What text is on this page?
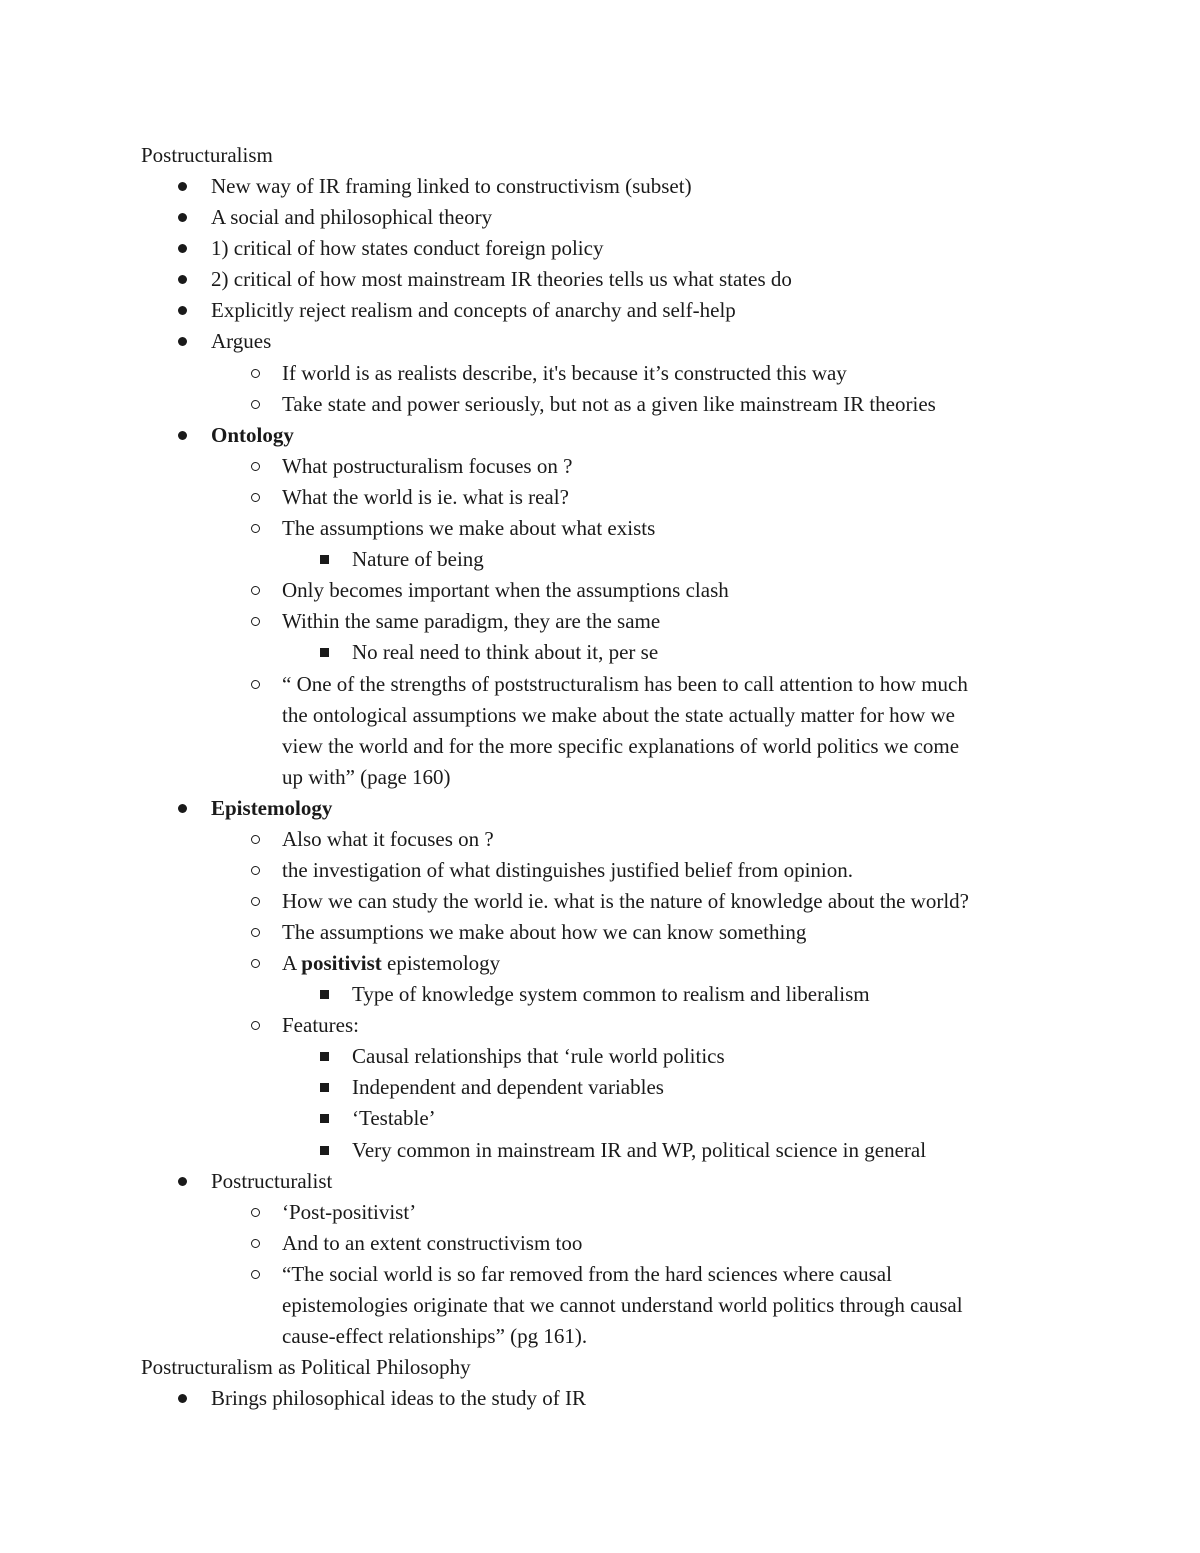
Postructuralism
New way of IR framing linked to constructivism (subset)
A social and philosophical theory
1) critical of how states conduct foreign policy
2) critical of how most mainstream IR theories tells us what states do
Explicitly reject realism and concepts of anarchy and self-help
Argues
If world is as realists describe, it's because it’s constructed this way
Take state and power seriously, but not as a given like mainstream IR theories
Ontology
What postructuralism focuses on ?
What the world is ie. what is real?
The assumptions we make about what exists
Nature of being
Only becomes important when the assumptions clash
Within the same paradigm, they are the same
No real need to think about it, per se
“ One of the strengths of poststructuralism has been to call attention to how much
the ontological assumptions we make about the state actually matter for how we
view the world and for the more specific explanations of world politics we come
up with” (page 160)
Epistemology
Also what it focuses on ?
the investigation of what distinguishes justified belief from opinion.
How we can study the world ie. what is the nature of knowledge about the world?
The assumptions we make about how we can know something
A positivist epistemology
Type of knowledge system common to realism and liberalism
Features:
Causal relationships that ‘rule world politics
Independent and dependent variables
‘Testable’
Very common in mainstream IR and WP, political science in general
Postructuralist
‘Post-positivist’
And to an extent constructivism too
“The social world is so far removed from the hard sciences where causal
epistemologies originate that we cannot understand world politics through causal
cause-effect relationships” (pg 161).
Postructuralism as Political Philosophy
Brings philosophical ideas to the study of IR
